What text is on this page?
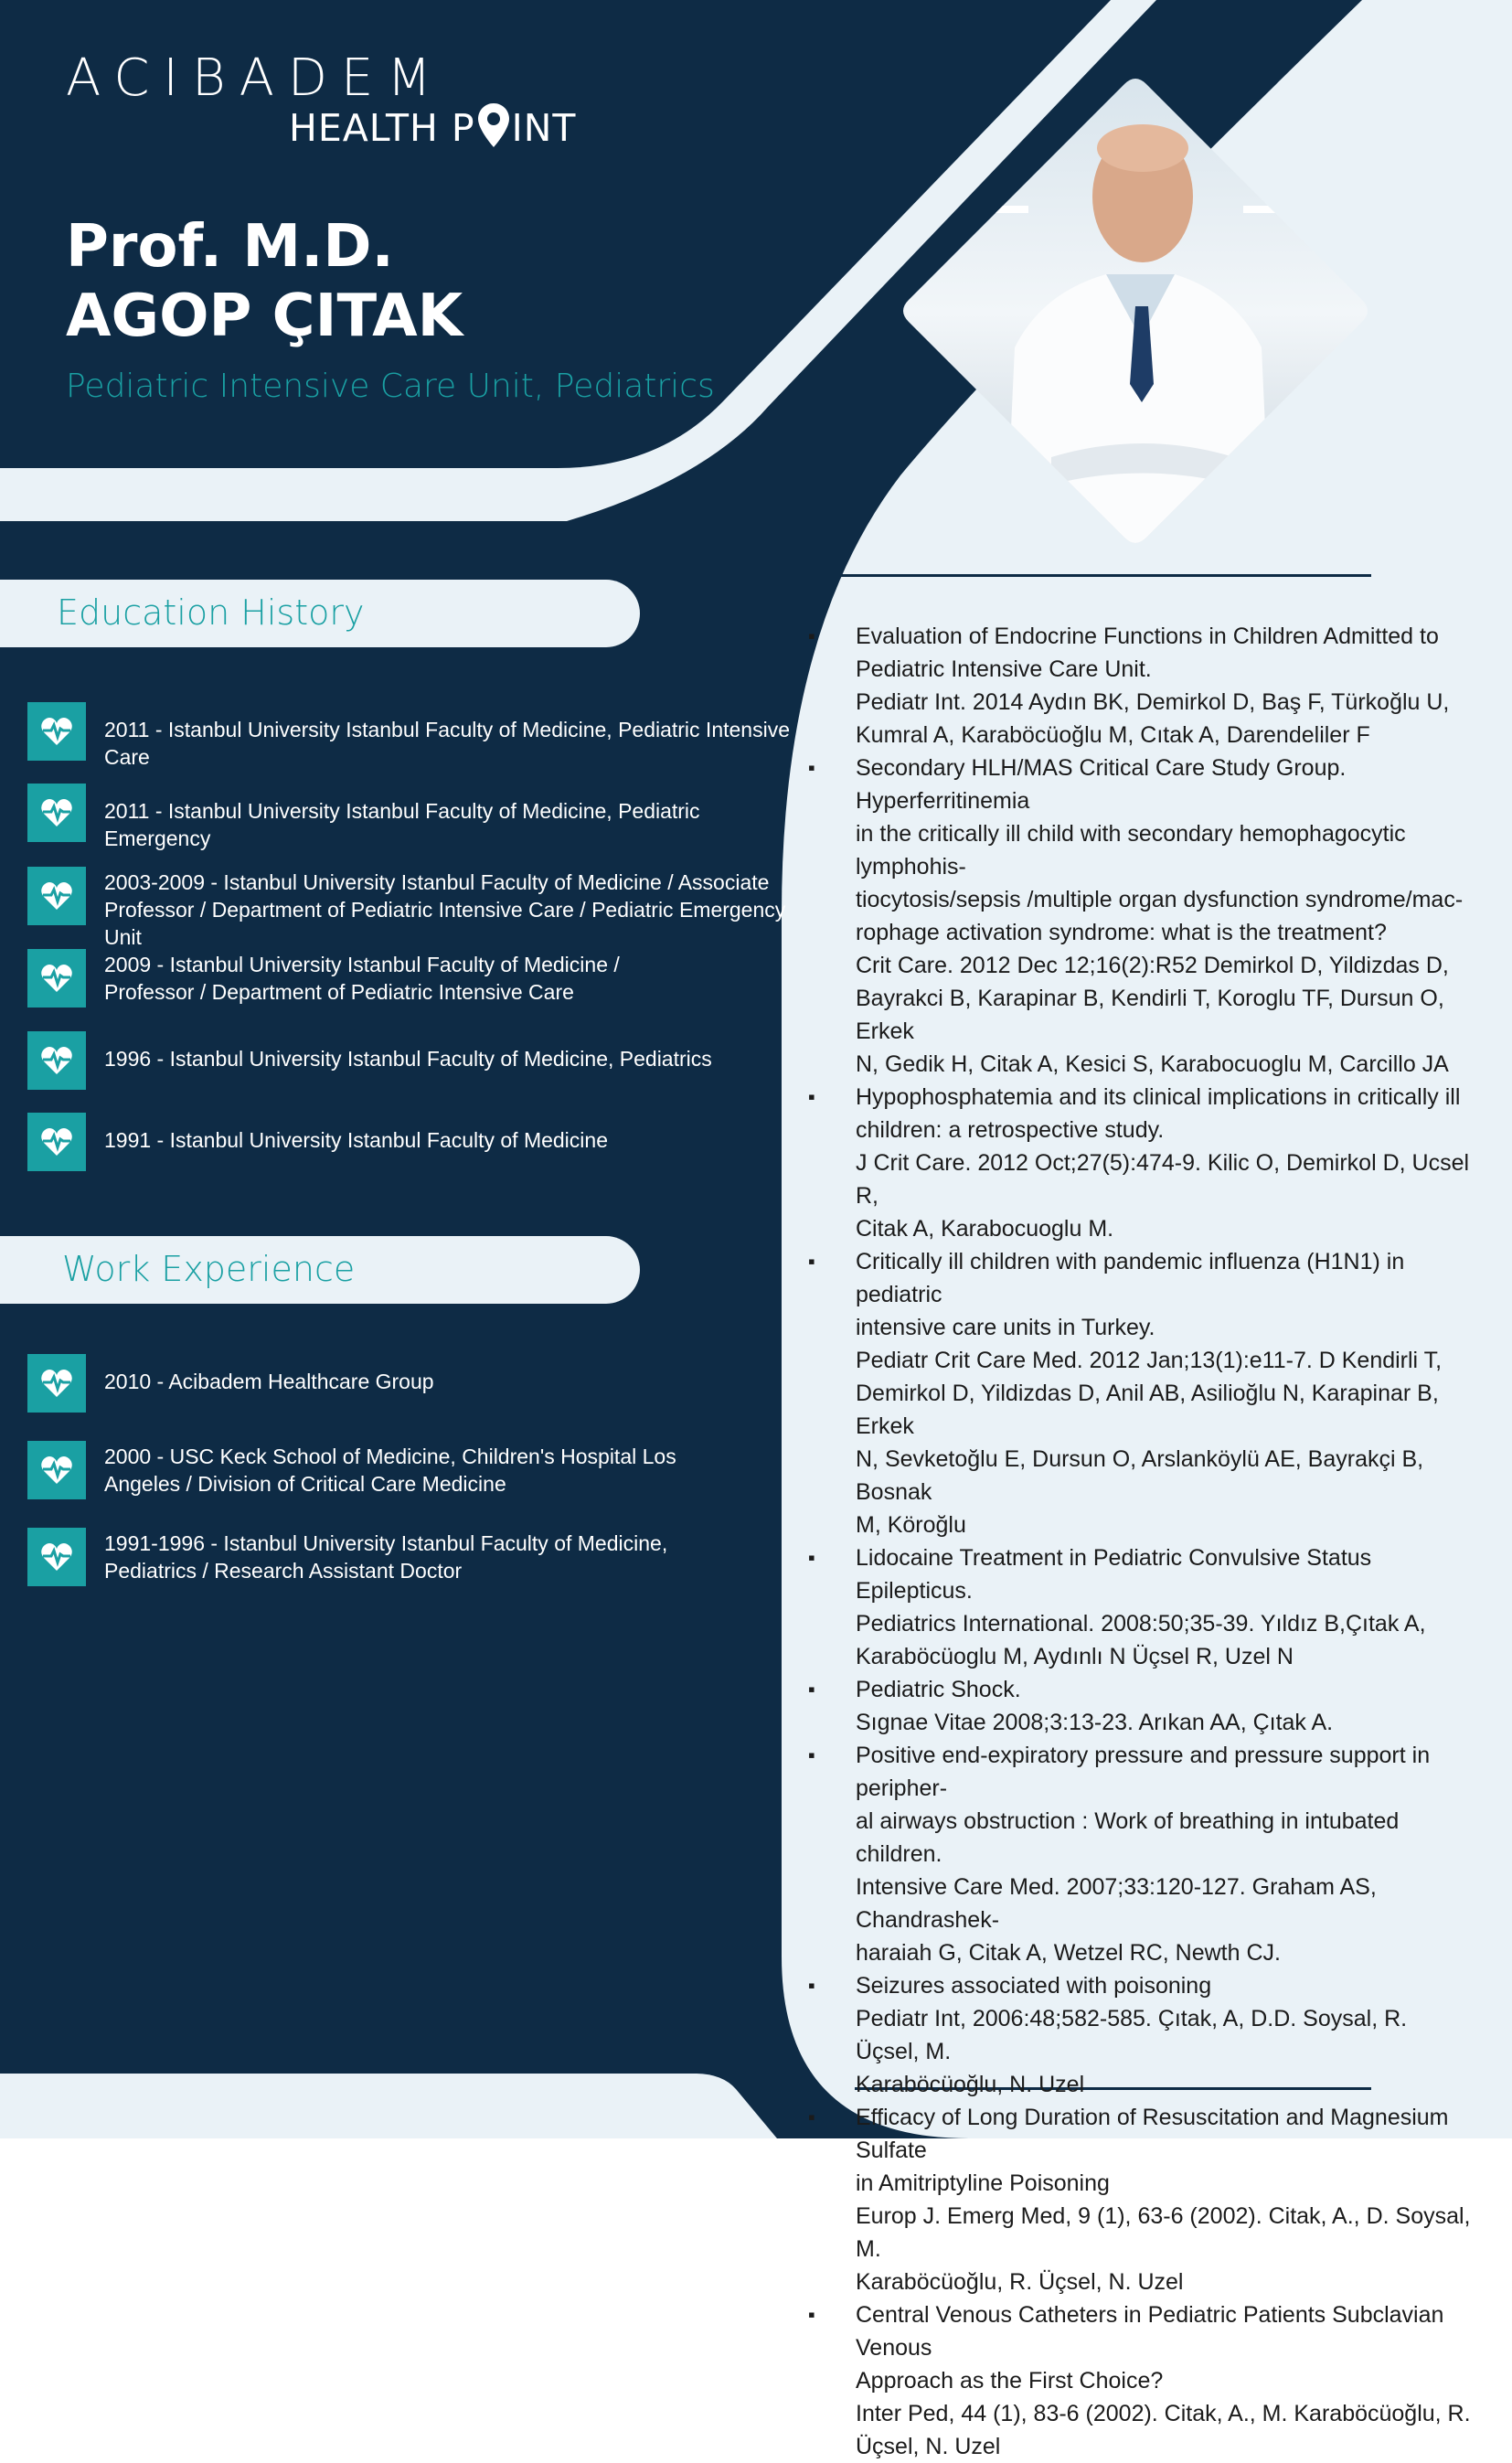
ACIBADEM
HEALTH P INT
Prof. M.D.
AGOP ÇITAK
Pediatric Intensive Care Unit, Pediatrics
Education History
2011 - Istanbul University Istanbul Faculty of Medicine, Pediatric Intensive Care
2011 - Istanbul University Istanbul Faculty of Medicine, Pediatric Emergency
2003-2009 - Istanbul University Istanbul Faculty of Medicine / Associate Professor / Department of Pediatric Intensive Care / Pediatric Emergency Unit
2009 - Istanbul University Istanbul Faculty of Medicine / Professor / Department of Pediatric Intensive Care
1996 - Istanbul University Istanbul Faculty of Medicine, Pediatrics
1991 - Istanbul University Istanbul Faculty of Medicine
Work Experience
2010 - Acibadem Healthcare Group
2000 - USC Keck School of Medicine, Children's Hospital Los Angeles / Division of Critical Care Medicine
1991-1996 - Istanbul University Istanbul Faculty of Medicine, Pediatrics / Research Assistant Doctor
▪ Evaluation of Endocrine Functions in Children Admitted to
Pediatric Intensive Care Unit.
Pediatr Int. 2014 Aydın BK, Demirkol D, Baş F, Türkoğlu U,
Kumral A, Karaböcüoğlu M, Cıtak A, Darendeliler F
▪ Secondary HLH/MAS Critical Care Study Group. Hyperferritinemia
in the critically ill child with secondary hemophagocytic lymphohis-
tiocytosis/sepsis /multiple organ dysfunction syndrome/mac-
rophage activation syndrome: what is the treatment?
Crit Care. 2012 Dec 12;16(2):R52 Demirkol D, Yildizdas D,
Bayrakci B, Karapinar B, Kendirli T, Koroglu TF, Dursun O, Erkek
N, Gedik H, Citak A, Kesici S, Karabocuoglu M, Carcillo JA
▪ Hypophosphatemia and its clinical implications in critically ill
children: a retrospective study.
J Crit Care. 2012 Oct;27(5):474-9. Kilic O, Demirkol D, Ucsel R,
Citak A, Karabocuoglu M.
▪ Critically ill children with pandemic influenza (H1N1) in pediatric
intensive care units in Turkey.
Pediatr Crit Care Med. 2012 Jan;13(1):e11-7. D Kendirli T,
Demirkol D, Yildizdas D, Anil AB, Asilioğlu N, Karapinar B, Erkek
N, Sevketoğlu E, Dursun O, Arslanköylü AE, Bayrakçi B, Bosnak
M, Köroğlu
▪ Lidocaine Treatment in Pediatric Convulsive Status Epilepticus.
Pediatrics International. 2008:50;35-39. Yıldız B,Çıtak A,
Karaböcüoglu M, Aydınlı N Üçsel R, Uzel N
▪ Pediatric Shock.
Sıgnae Vitae 2008;3:13-23. Arıkan AA, Çıtak A.
▪ Positive end-expiratory pressure and pressure support in peripher-
al airways obstruction : Work of breathing in intubated children.
Intensive Care Med. 2007;33:120-127. Graham AS, Chandrashek-
haraiah G, Citak A, Wetzel RC, Newth CJ.
▪ Seizures associated with poisoning
Pediatr Int, 2006:48;582-585. Çıtak, A, D.D. Soysal, R. Üçsel, M.
Karaböcüoğlu, N. Uzel
▪ Efficacy of Long Duration of Resuscitation and Magnesium Sulfate
in Amitriptyline Poisoning
Europ J. Emerg Med, 9 (1), 63-6 (2002). Citak, A., D. Soysal, M.
Karaböcüoğlu, R. Üçsel, N. Uzel
▪ Central Venous Catheters in Pediatric Patients Subclavian Venous
Approach as the First Choice?
Inter Ped, 44 (1), 83-6 (2002). Citak, A., M. Karaböcüoğlu, R.
Üçsel, N. Uzel
